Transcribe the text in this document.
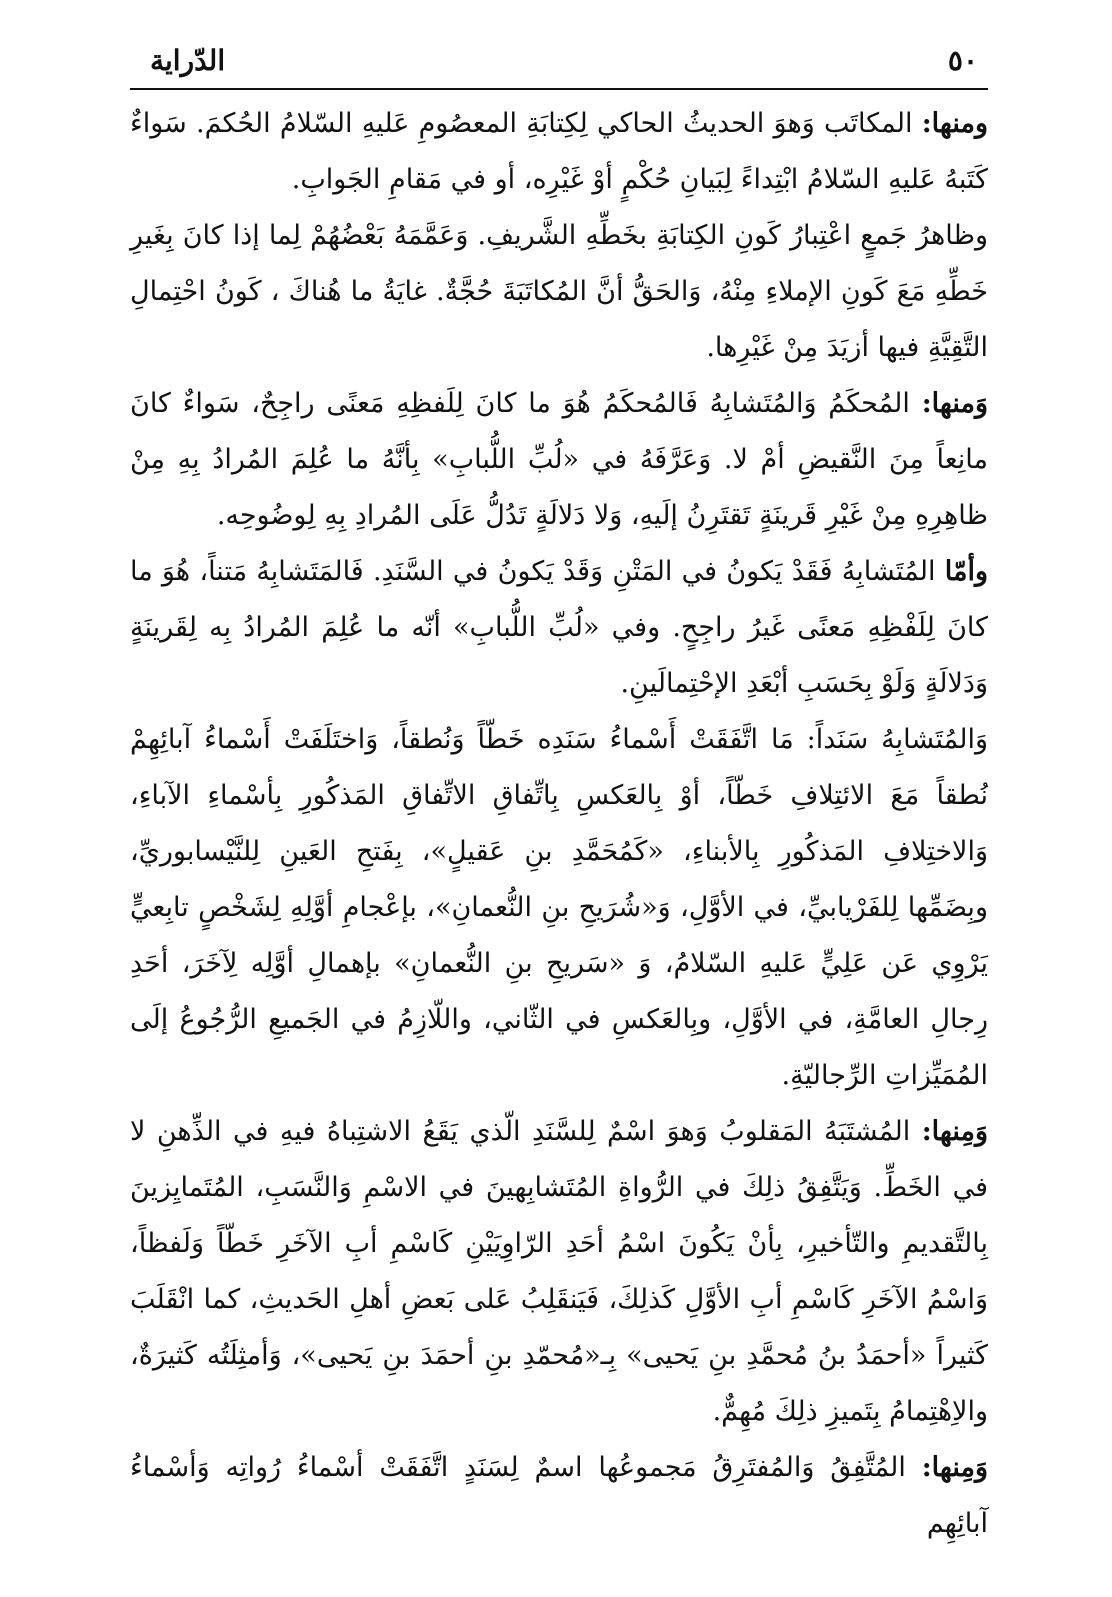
الدّراية	٥٠

ومنها: المكاتَب وَهوَ الحديثُ الحاكي لِكِتابَةِ المعصُومِ عَليهِ السّلامُ الحُكمَ. سَواءٌ كَتَبهُ عَليهِ السّلامُ ابْتِداءً لِبَيانِ حُكْمٍ أوْ غَيْرِه، أو في مَقامِ الجَوابِ.

وظاهرُ جَمعٍ اعْتِبارُ كَونِ الكِتابَةِ بخَطِّهِ الشَّريفِ. وَعَمَّمَهُ بَعْضُهُمْ لِما إذا كانَ بِغَيرِ خَطِّهِ مَعَ كَونِ الإملاءِ مِنْهُ، وَالحَقُّ أنَّ المُكاتَبَةَ حُجَّةٌ. غايَةُ ما هُناكَ ، كَونُ احْتِمالِ التَّقِيَّةِ فيها أزيَدَ مِنْ غَيْرِها.

وَمنها: المُحكَمُ وَالمُتَشابِهُ فَالمُحكَمُ هُوَ ما كانَ لِلَفظِهِ مَعنًى راجِحٌ، سَواءٌ كانَ مانِعاً مِنَ النَّقيضِ أمْ لا. وَعَرَّفَهُ في «لُبِّ اللُّبابِ» بِأنَّهُ ما عُلِمَ المُرادُ بِهِ مِنْ ظاهِرِهِ مِنْ غَيْرِ قَرينَةٍ تَقتَرِنُ إلَيهِ، وَلا دَلالَةٍ تَدُلُّ عَلَى المُرادِ بِهِ لِوضُوحِه.

وأمّا المُتَشابِهُ فَقَدْ يَكونُ في المَتْنِ وَقَدْ يَكونُ في السَّنَدِ. فَالمَتَشابِهُ مَتناً، هُوَ ما كانَ لِلَفْظِهِ مَعنًى غَيرُ راجِحٍ. وفي «لُبِّ اللُّبابِ» أنّه ما عُلِمَ المُرادُ بِه لِقَرينَةٍ وَدَلالَةٍ وَلَوْ بِحَسَبِ أبْعَدِ الإحْتِمالَينِ.

وَالمُتَشابِهُ سَنَداً: مَا اتَّفَقَتْ أَسْماءُ سَنَدِه خَطّاً وَنُطقاً، وَاختَلَفَتْ أَسْماءُ آبائِهِمْ نُطقاً مَعَ الائتِلافِ خَطّاً، أوْ بِالعَكسِ بِاتِّفاقِ الاتِّفاقِ المَذكُورِ بِأسْماءِ الآباءِ، وَالاختِلافِ المَذكُورِ بِالأبناءِ، «كَمُحَمَّدِ بنِ عَقيلٍ»، بِفَتحِ العَينِ لِلنَّيْسابوريِّ، وبِضَمِّها لِلفَرْيابيِّ، في الأوَّلِ، وَ«شُرَيحِ بنِ النُّعمانِ»، بإعْجامِ أوَّلِهِ لِشَخْصٍ تابِعيٍّ يَرْوِي عَن عَلِيٍّ عَليهِ السّلامُ، وَ «سَريحِ بنِ النُّعمانِ» بإهمالِ أوَّلِه لِآخَرَ، أحَدِ رِجالِ العامَّةِ، في الأوَّلِ، وبِالعَكسِ في الثّاني، واللّازِمُ في الجَميعِ الرُّجُوعُ إلَى المُمَيِّزاتِ الرِّجاليّةِ.

وَمِنها: المُشتَبَهُ المَقلوبُ وَهوَ اسْمٌ لِلسَّنَدِ الّذي يَقَعُ الاشتِباهُ فيهِ في الذِّهنِ لا في الخَطِّ. وَيَتَّفِقُ ذلِكَ في الرُّواةِ المُتَشابِهينَ في الاسْمِ وَالنَّسَبِ، المُتَمايِزينَ بِالتَّقديمِ والتّأخيرِ، بِأنْ يَكُونَ اسْمُ أحَدِ الرّاوِيَيْنِ كَاسْمِ أبِ الآخَرِ خَطّاً وَلَفظاً، وَاسْمُ الآخَرِ كَاسْمِ أبِ الأوَّلِ كَذلِكَ، فَيَنقَلِبُ عَلى بَعضِ أهلِ الحَديثِ، كما انْقَلَبَ كَثيراً «أحمَدُ بنُ مُحمَّدِ بنِ يَحيى» بِـ«مُحمّدِ بنِ أحمَدَ بنِ يَحيى»، وَأمثِلَتُه كَثيرَةٌ، والاِهْتِمامُ بِتَميزِ ذلِكَ مُهِمٌّ.

وَمِنها: المُتَّفِقُ وَالمُفتَرِقُ مَجموعُها اسمٌ لِسَنَدٍ اتَّفَقَتْ أسْماءُ رُواتِه وَأسْماءُ آبائِهِم
